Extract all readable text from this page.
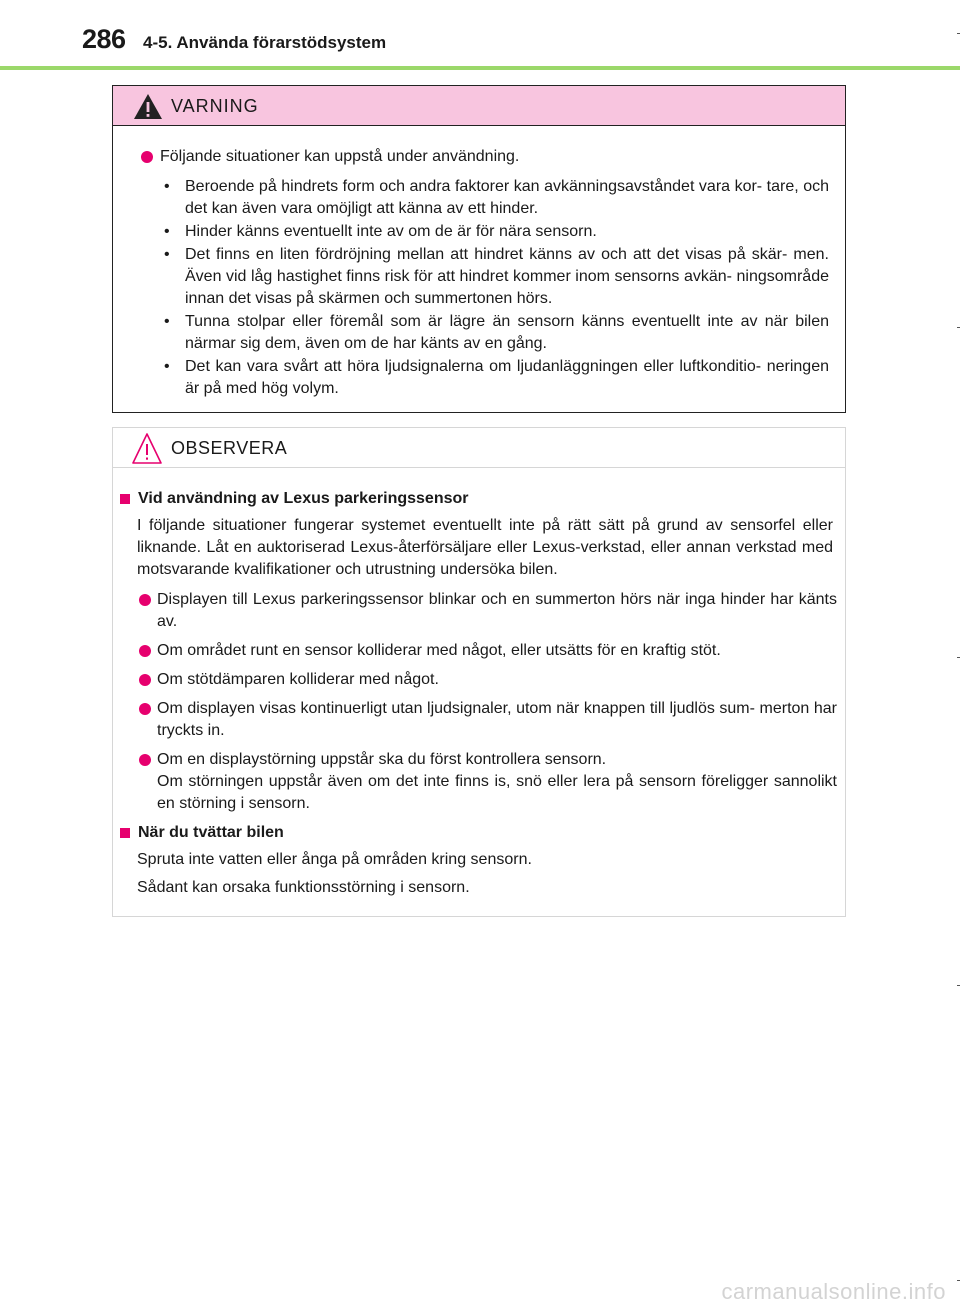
286 4-5. Använda förarstödsystem
VARNING

Följande situationer kan uppstå under användning.

• Beroende på hindrets form och andra faktorer kan avkänningsavståndet vara kor- tare, och det kan även vara omöjligt att känna av ett hinder.
• Hinder känns eventuellt inte av om de är för nära sensorn.
• Det finns en liten fördröjning mellan att hindret känns av och att det visas på skär- men. Även vid låg hastighet finns risk för att hindret kommer inom sensorns avkän- ningsområde innan det visas på skärmen och summertonen hörs.
• Tunna stolpar eller föremål som är lägre än sensorn känns eventuellt inte av när bilen närmar sig dem, även om de har känts av en gång.
• Det kan vara svårt att höra ljudsignalerna om ljudanläggningen eller luftkonditio- neringen är på med hög volym.
OBSERVERA

Vid användning av Lexus parkeringssensor

I följande situationer fungerar systemet eventuellt inte på rätt sätt på grund av sensorfel eller liknande. Låt en auktoriserad Lexus-återförsäljare eller Lexus-verkstad, eller annan verkstad med motsvarande kvalifikationer och utrustning undersöka bilen.

Displayen till Lexus parkeringssensor blinkar och en summerton hörs när inga hinder har känts av.

Om området runt en sensor kolliderar med något, eller utsätts för en kraftig stöt.

Om stötdämparen kolliderar med något.

Om displayen visas kontinuerligt utan ljudsignaler, utom när knappen till ljudlös sum- merton har tryckts in.

Om en displaystörning uppstår ska du först kontrollera sensorn.
Om störningen uppstår även om det inte finns is, snö eller lera på sensorn föreligger sannolikt en störning i sensorn.

När du tvättar bilen

Spruta inte vatten eller ånga på områden kring sensorn.

Sådant kan orsaka funktionsstörning i sensorn.

carmanualsonline.info
